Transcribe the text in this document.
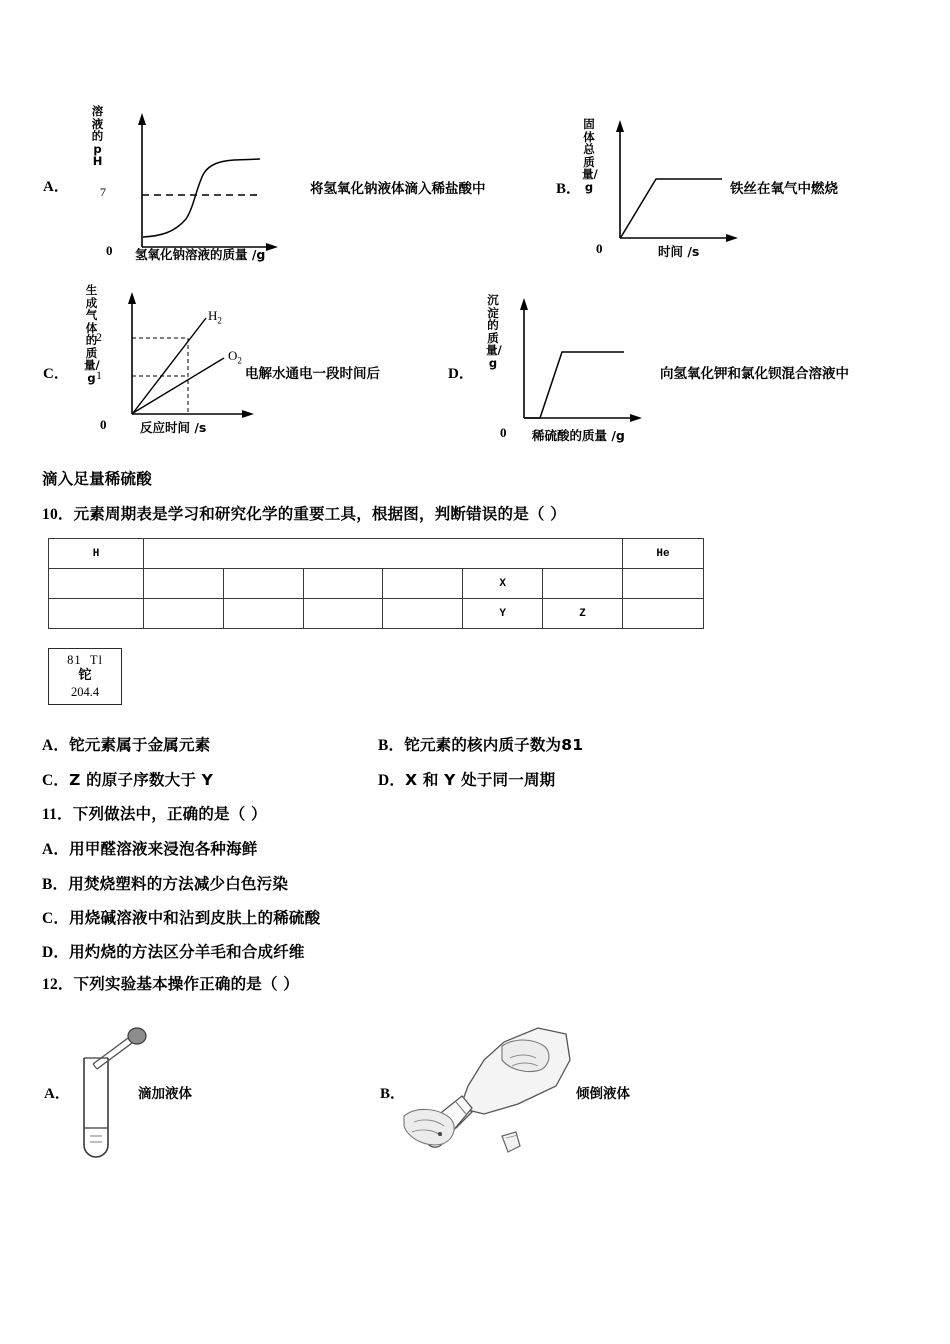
A．
溶液的pH
7
0 氢氧化钠溶液的质量 /g
将氢氧化钠液体滴入稀盐酸中	B．
固体总质量/g
0	时间 /s
铁丝在氧气中燃烧
C．
生成气体的质量/g
2
1
$H_2$
$O_2$
0	反应时间 /s
电解水通电一段时间后	D．
沉淀的质量/g
0 稀硫酸的质量 /g
向氢氧化钾和氯化钡混合溶液中
滴入足量稀硫酸
10．元素周期表是学习和研究化学的重要工具，根据图，判断错误的是（ ）
H							He
					X		
					Y	Z	
81 Tl
铊
204.4
A．铊元素属于金属元素	B．铊元素的核内质子数为81
C．Z 的原子序数大于 Y	D．X 和 Y 处于同一周期
11．下列做法中，正确的是（ ）
A．用甲醛溶液来浸泡各种海鲜
B．用焚烧塑料的方法减少白色污染
C．用烧碱溶液中和沾到皮肤上的稀硫酸
D．用灼烧的方法区分羊毛和合成纤维
12．下列实验基本操作正确的是（ ）
A．	滴加液体	B．	倾倒液体
